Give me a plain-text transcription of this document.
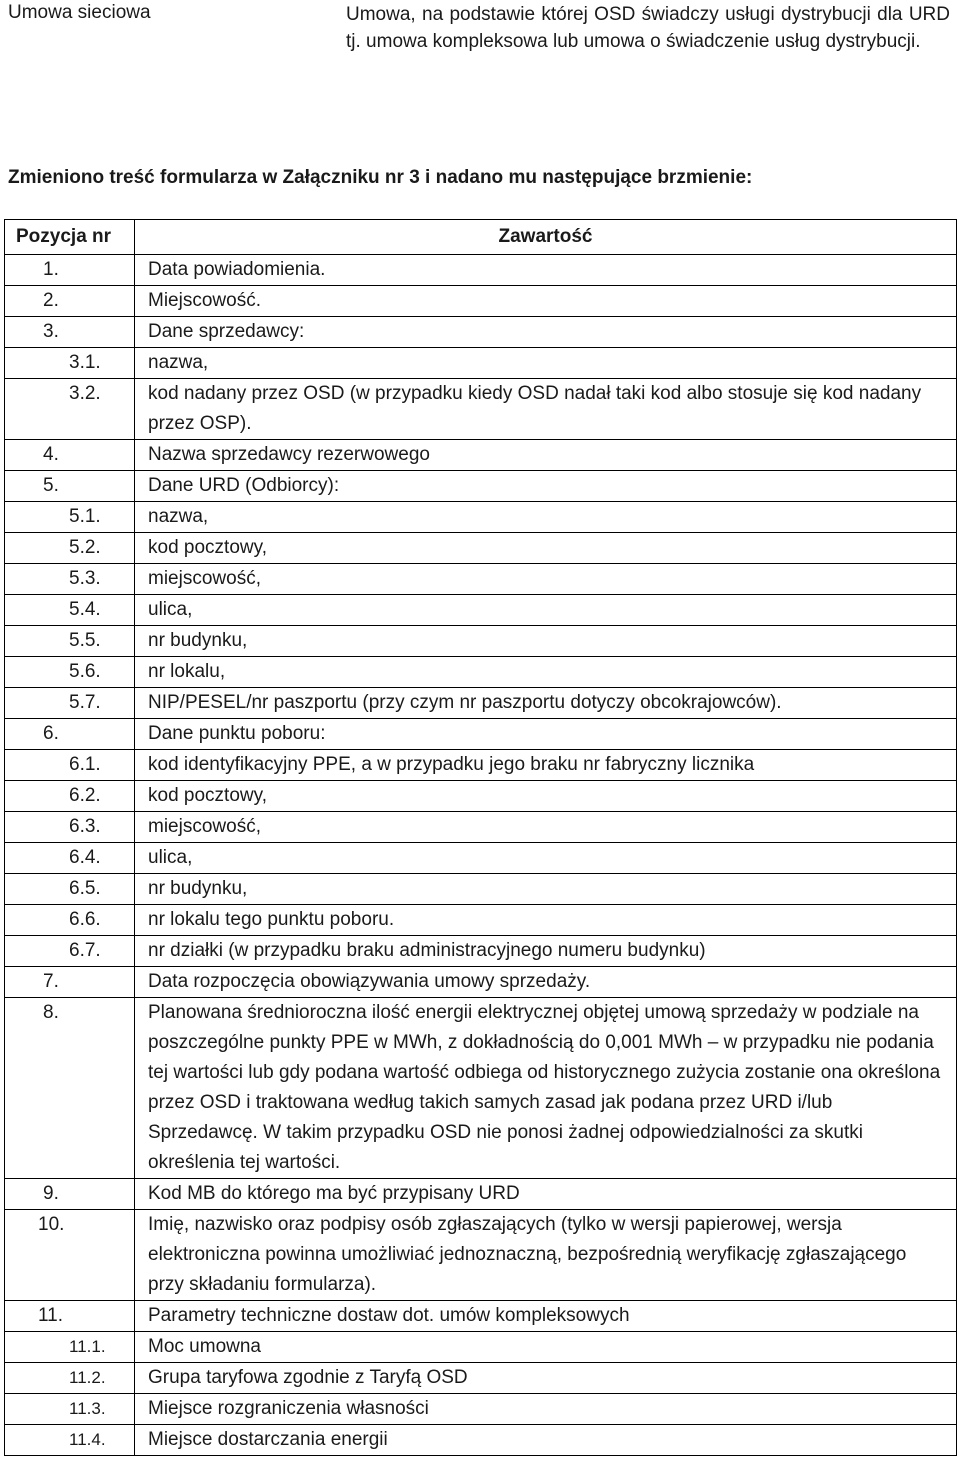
Umowa sieciowa	Umowa, na podstawie której OSD świadczy usługi dystrybucji dla URD tj. umowa kompleksowa lub umowa o świadczenie usług dystrybucji.
Zmieniono treść formularza w Załączniku nr 3 i nadano mu następujące brzmienie:
Pozycja nr	Zawartość
1.	Data powiadomienia.
2.	Miejscowość.
3.	Dane sprzedawcy:
3.1.	nazwa,
3.2.	kod nadany przez OSD (w przypadku kiedy OSD nadał taki kod albo stosuje się kod nadany przez OSP).
4.	Nazwa sprzedawcy rezerwowego
5.	Dane URD (Odbiorcy):
5.1.	nazwa,
5.2.	kod pocztowy,
5.3.	miejscowość,
5.4.	ulica,
5.5.	nr budynku,
5.6.	nr lokalu,
5.7.	NIP/PESEL/nr paszportu (przy czym nr paszportu dotyczy obcokrajowców).
6.	Dane punktu poboru:
6.1.	kod identyfikacyjny PPE, a w przypadku jego braku nr fabryczny licznika
6.2.	kod pocztowy,
6.3.	miejscowość,
6.4.	ulica,
6.5.	nr budynku,
6.6.	nr lokalu tego punktu poboru.
6.7.	nr działki (w przypadku braku administracyjnego numeru budynku)
7.	Data rozpoczęcia obowiązywania umowy sprzedaży.
8.	Planowana średnioroczna ilość energii elektrycznej objętej umową sprzedaży w podziale na poszczególne punkty PPE w MWh, z dokładnością do 0,001 MWh – w przypadku nie podania tej wartości lub gdy podana wartość odbiega od historycznego zużycia zostanie ona określona przez OSD i traktowana według takich samych zasad jak podana przez URD i/lub Sprzedawcę. W takim przypadku OSD nie ponosi żadnej odpowiedzialności za skutki określenia tej wartości.
9.	Kod MB do którego ma być przypisany URD
10.	Imię, nazwisko oraz podpisy osób zgłaszających (tylko w wersji papierowej, wersja elektroniczna powinna umożliwiać jednoznaczną, bezpośrednią weryfikację zgłaszającego przy składaniu formularza).
11.	Parametry techniczne dostaw dot. umów kompleksowych
11.1.	Moc umowna
11.2.	Grupa taryfowa zgodnie z Taryfą OSD
11.3.	Miejsce rozgraniczenia własności
11.4.	Miejsce dostarczania energii
